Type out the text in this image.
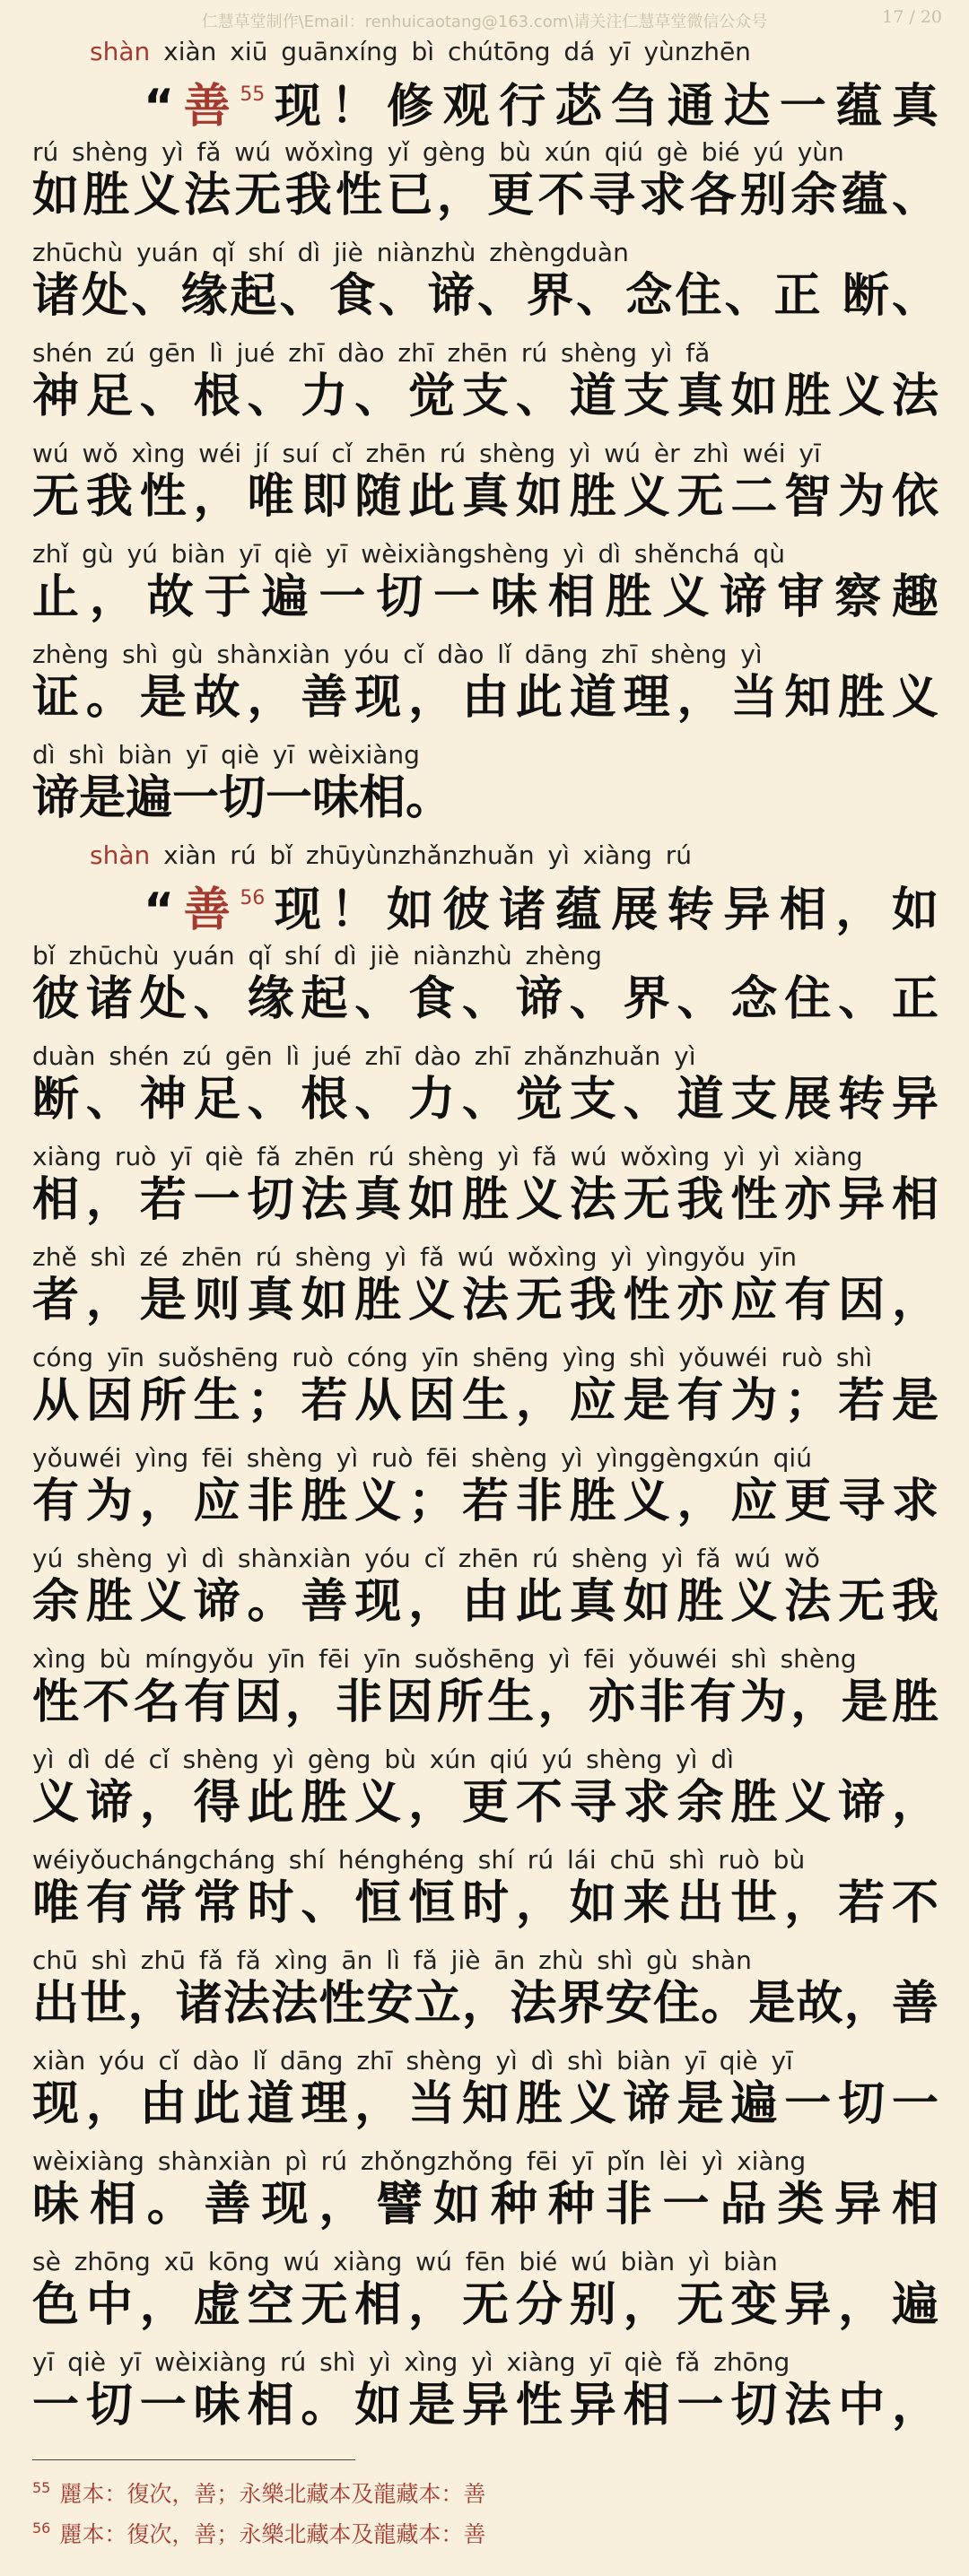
仁慧草堂制作\Email：renhuicaotang@163.com\请关注仁慧草堂微信公众号	17 / 20
shàn xiàn xiū guānxíng bì chútōng dá yī yùnzhēn
“善$^{55}$现！修观行苾刍通达一蕴真
rú shèng yì fǎ wú wǒxìng yǐ gèng bù xún qiú gè bié yú yùn
如胜义法无我性已，更不寻求各别余蕴、
zhūchù yuán qǐ shí dì jiè niànzhù zhèngduàn
诸处、缘起、食、谛、界、念住、正 断、
shén zú gēn lì jué zhī dào zhī zhēn rú shèng yì fǎ
神足、根、力、觉支、道支真如胜义法
wú wǒ xìng wéi jí suí cǐ zhēn rú shèng yì wú èr zhì wéi yī
无我性，唯即随此真如胜义无二智为依
zhǐ gù yú biàn yī qiè yī wèixiàngshèng yì dì shěnchá qù
止，故于遍一切一味相胜义谛审察趣
zhèng shì gù shànxiàn yóu cǐ dào lǐ dāng zhī shèng yì
证。是故，善现，由此道理，当知胜义
dì shì biàn yī qiè yī wèixiàng
谛是遍一切一味相。
shàn xiàn rú bǐ zhūyùnzhǎnzhuǎn yì xiàng rú
“善$^{56}$现！如彼诸蕴展转异相，如
bǐ zhūchù yuán qǐ shí dì jiè niànzhù zhèng
彼诸处、缘起、食、谛、界、念住、正
duàn shén zú gēn lì jué zhī dào zhī zhǎnzhuǎn yì
断、神足、根、力、觉支、道支展转异
xiàng ruò yī qiè fǎ zhēn rú shèng yì fǎ wú wǒxìng yì yì xiàng
相，若一切法真如胜义法无我性亦异相
zhě shì zé zhēn rú shèng yì fǎ wú wǒxìng yì yìngyǒu yīn
者，是则真如胜义法无我性亦应有因，
cóng yīn suǒshēng ruò cóng yīn shēng yìng shì yǒuwéi ruò shì
从因所生；若从因生，应是有为；若是
yǒuwéi yìng fēi shèng yì ruò fēi shèng yì yìnggèngxún qiú
有为，应非胜义；若非胜义，应更寻求
yú shèng yì dì shànxiàn yóu cǐ zhēn rú shèng yì fǎ wú wǒ
余胜义谛。善现，由此真如胜义法无我
xìng bù míngyǒu yīn fēi yīn suǒshēng yì fēi yǒuwéi shì shèng
性不名有因，非因所生，亦非有为，是胜
yì dì dé cǐ shèng yì gèng bù xún qiú yú shèng yì dì
义谛，得此胜义，更不寻求余胜义谛，
wéiyǒuchángcháng shí hénghéng shí rú lái chū shì ruò bù
唯有常常时、恒恒时，如来出世，若不
chū shì zhū fǎ fǎ xìng ān lì fǎ jiè ān zhù shì gù shàn
出世，诸法法性安立，法界安住。是故，善
xiàn yóu cǐ dào lǐ dāng zhī shèng yì dì shì biàn yī qiè yī
现，由此道理，当知胜义谛是遍一切一
wèixiàng shànxiàn pì rú zhǒngzhǒng fēi yī pǐn lèi yì xiàng
味相。善现，譬如种种非一品类异相
sè zhōng xū kōng wú xiàng wú fēn bié wú biàn yì biàn
色中，虚空无相，无分别，无变异，遍
yī qiè yī wèixiàng rú shì yì xìng yì xiàng yī qiè fǎ zhōng
一切一味相。如是异性异相一切法中，
$^{55}$ 麗本：復次，善；永樂北藏本及龍藏本：善
$^{56}$ 麗本：復次，善；永樂北藏本及龍藏本：善
